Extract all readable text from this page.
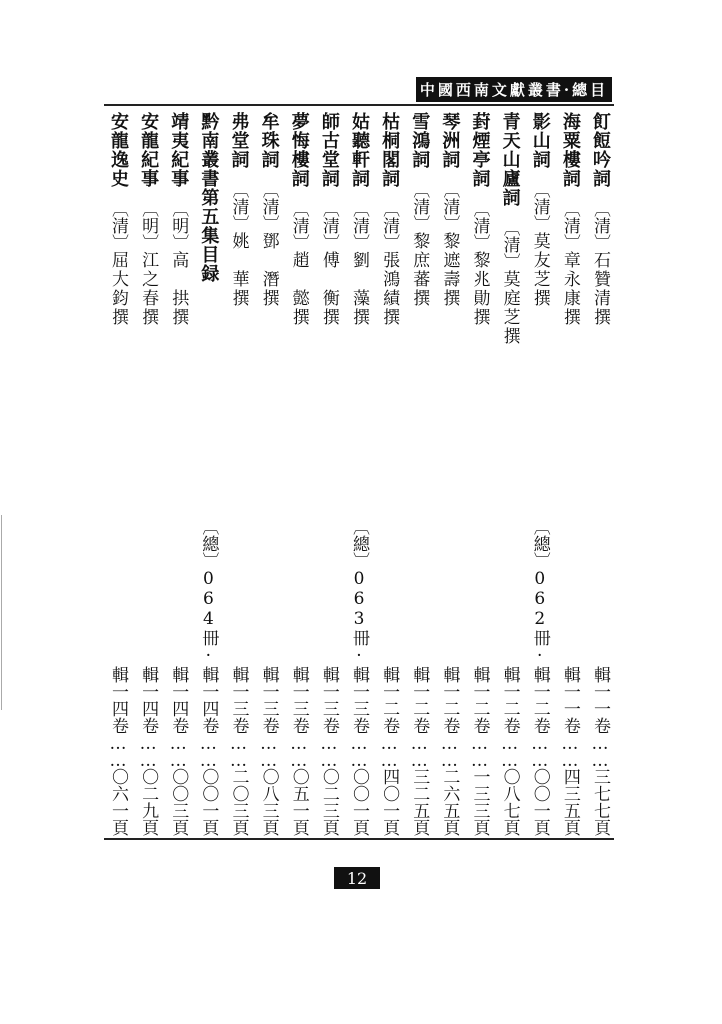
中國西南文獻叢書·總目
飣餖吟詞〔清〕石贊清撰
輯一一卷……三七七頁
海粟樓詞〔清〕章永康撰
輯一一卷……四三五頁
影山詞〔清〕莫友芝撰
〔總〕062冊·輯一二卷……〇〇一頁
青天山廬詞〔清〕莫庭芝撰
輯一二卷……〇八七頁
葑煙亭詞〔清〕黎兆勛撰
輯一二卷……一三三頁
琴洲詞〔清〕黎遮壽撰
輯一二卷……二六五頁
雪鴻詞〔清〕黎庶蕃撰
輯一二卷……三二五頁
枯桐閣詞〔清〕張鴻績撰
輯一二卷……四〇一頁
姑聽軒詞〔清〕劉　藻撰
〔總〕063冊·輯一三卷……〇〇一頁
師古堂詞〔清〕傅　衡撰
輯一三卷……〇二三頁
夢悔樓詞〔清〕趙　懿撰
輯一三卷……〇五一頁
牟珠詞〔清〕鄧　潛撰
輯一三卷……〇八三頁
弗堂詞〔清〕姚　華撰
輯一三卷……二〇三頁
黔南叢書第五集目録
〔總〕064冊·輯一四卷……〇〇一頁
靖夷紀事〔明〕高　拱撰
輯一四卷……〇〇三頁
安龍紀事〔明〕江之春撰
輯一四卷……〇二九頁
安龍逸史〔清〕屈大鈞撰
輯一四卷……〇六一頁
12
